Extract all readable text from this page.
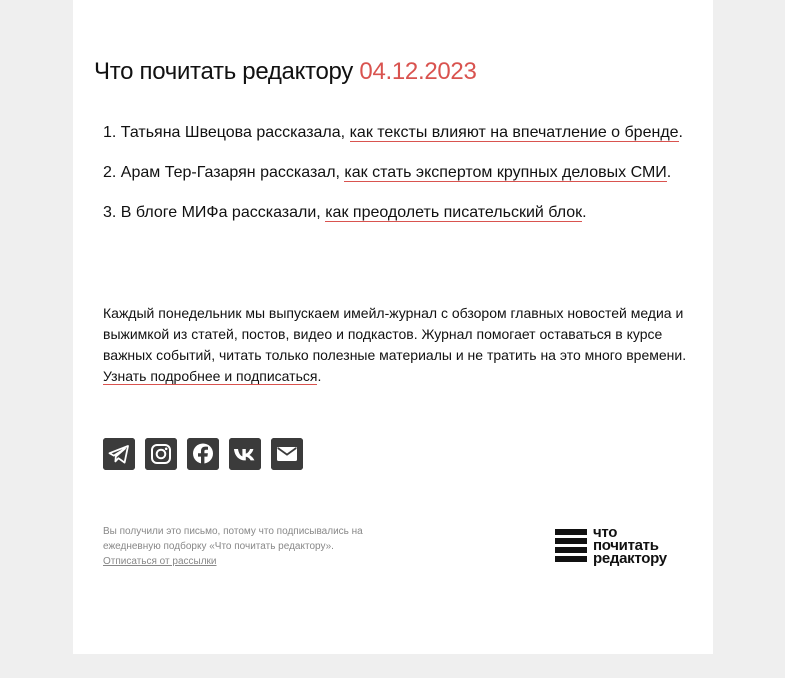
Что почитать редактору 04.12.2023

1. Татьяна Швецова рассказала, как тексты влияют на впечатление о бренде.

2. Арам Тер-Газарян рассказал, как стать экспертом крупных деловых СМИ.

3. В блоге МИФа рассказали, как преодолеть писательский блок.

Каждый понедельник мы выпускаем имейл-журнал с обзором главных новостей медиа и выжимкой из статей, постов, видео и подкастов. Журнал помогает оставаться в курсе важных событий, читать только полезные материалы и не тратить на это много времени. Узнать подробнее и подписаться.
Вы получили это письмо, потому что подписывались на ежедневную подборку «Что почитать редактору».
Отписаться от рассылки
что
почитать
редактору
